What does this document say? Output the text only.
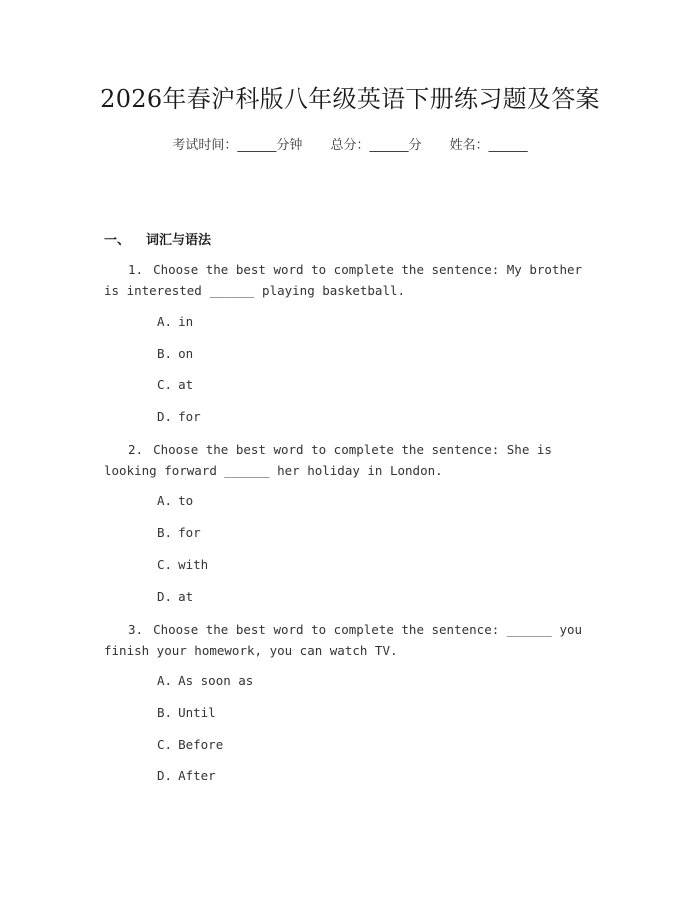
2026年春沪科版八年级英语下册练习题及答案
考试时间：______分钟 总分：______分 姓名：______
一、 词汇与语法
1. Choose the best word to complete the sentence: My brother is interested ______ playing basketball.
A. in
B. on
C. at
D. for
2. Choose the best word to complete the sentence: She is looking forward ______ her holiday in London.
A. to
B. for
C. with
D. at
3. Choose the best word to complete the sentence: ______ you finish your homework, you can watch TV.
A. As soon as
B. Until
C. Before
D. After
